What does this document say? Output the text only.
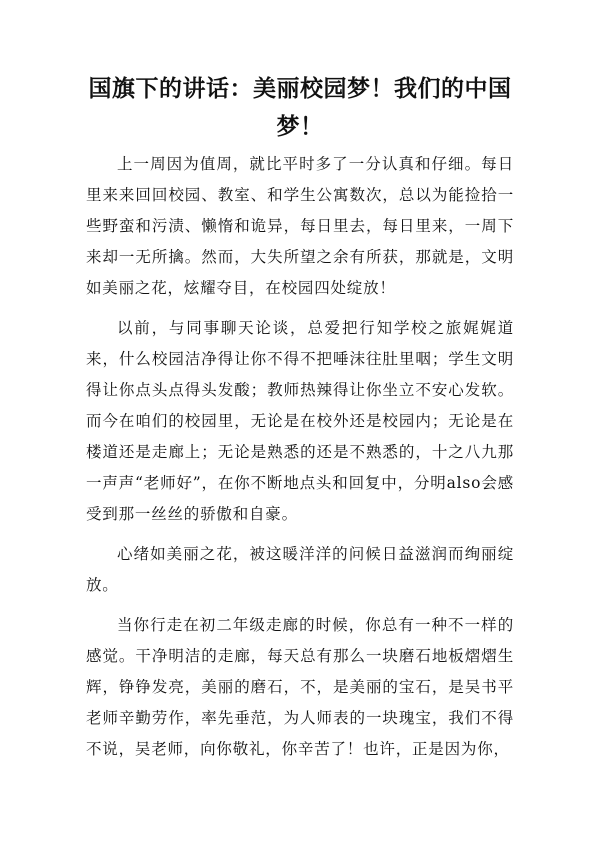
国旗下的讲话：美丽校园梦！我们的中国梦！

上一周因为值周，就比平时多了一分认真和仔细。每日里来来回回校园、教室、和学生公寓数次，总以为能捡拾一些野蛮和污渍、懒惰和诡异，每日里去，每日里来，一周下来却一无所擒。然而，大失所望之余有所获，那就是，文明如美丽之花，炫耀夺目，在校园四处绽放！

以前，与同事聊天论谈，总爱把行知学校之旅娓娓道来，什么校园洁净得让你不得不把唾沫往肚里咽；学生文明得让你点头点得头发酸；教师热辣得让你坐立不安心发软。而今在咱们的校园里，无论是在校外还是校园内；无论是在楼道还是走廊上；无论是熟悉的还是不熟悉的，十之八九那一声声“老师好”，在你不断地点头和回复中，分明also会感受到那一丝丝的骄傲和自豪。

心绪如美丽之花，被这暖洋洋的问候日益滋润而绚丽绽放。

当你行走在初二年级走廊的时候，你总有一种不一样的感觉。干净明洁的走廊，每天总有那么一块磨石地板熠熠生辉，铮铮发亮，美丽的磨石，不，是美丽的宝石，是吴书平老师辛勤劳作，率先垂范，为人师表的一块瑰宝，我们不得不说，吴老师，向你敬礼，你辛苦了！也许，正是因为你，
